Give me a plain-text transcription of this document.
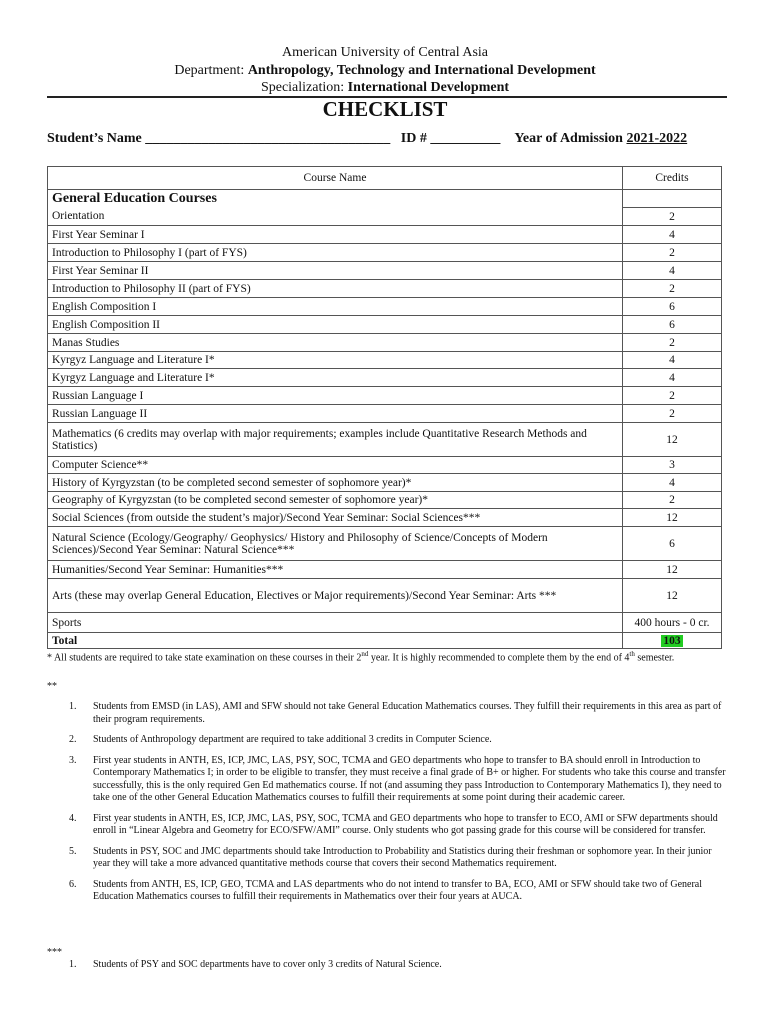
American University of Central Asia
Department: Anthropology, Technology and International Development
Specialization: International Development
CHECKLIST
Student’s Name ___________________________________ ID # __________ Year of Admission 2021-2022
Course Name	Credits
General Education Courses	
Orientation	2
First Year Seminar I	4
Introduction to Philosophy I (part of FYS)	2
First Year Seminar II	4
Introduction to Philosophy II (part of FYS)	2
English Composition I	6
English Composition II	6
Manas Studies	2
Kyrgyz Language and Literature I*	4
Kyrgyz Language and Literature I*	4
Russian Language I	2
Russian Language II	2
Mathematics (6 credits may overlap with major requirements; examples include Quantitative Research Methods and Statistics)	12
Computer Science**	3
History of Kyrgyzstan (to be completed second semester of sophomore year)*	4
Geography of Kyrgyzstan (to be completed second semester of sophomore year)*	2
Social Sciences (from outside the student’s major)/Second Year Seminar: Social Sciences***	12
Natural Science (Ecology/Geography/ Geophysics/ History and Philosophy of Science/Concepts of Modern Sciences)/Second Year Seminar: Natural Science***	6
Humanities/Second Year Seminar: Humanities***	12
Arts (these may overlap General Education, Electives or Major requirements)/Second Year Seminar: Arts ***	12
Sports	400 hours - 0 cr.
Total	103
* All students are required to take state examination on these courses in their 2nd year. It is highly recommended to complete them by the end of 4th semester.
**
1. Students from EMSD (in LAS), AMI and SFW should not take General Education Mathematics courses. They fulfill their requirements in this area as part of their program requirements.
2. Students of Anthropology department are required to take additional 3 credits in Computer Science.
3. First year students in ANTH, ES, ICP, JMC, LAS, PSY, SOC, TCMA and GEO departments who hope to transfer to BA should enroll in Introduction to Contemporary Mathematics I; in order to be eligible to transfer, they must receive a final grade of B+ or higher. For students who take this course and transfer successfully, this is the only required Gen Ed mathematics course. If not (and assuming they pass Introduction to Contemporary Mathematics I), they need to take one of the other General Education Mathematics courses to fulfill their requirements at some point during their academic career.
4. First year students in ANTH, ES, ICP, JMC, LAS, PSY, SOC, TCMA and GEO departments who hope to transfer to ECO, AMI or SFW departments should enroll in “Linear Algebra and Geometry for ECO/SFW/AMI” course. Only students who got passing grade for this course will be considered for transfer.
5. Students in PSY, SOC and JMC departments should take Introduction to Probability and Statistics during their freshman or sophomore year. In their junior year they will take a more advanced quantitative methods course that covers their second Mathematics requirement.
6. Students from ANTH, ES, ICP, GEO, TCMA and LAS departments who do not intend to transfer to BA, ECO, AMI or SFW should take two of General Education Mathematics courses to fulfill their requirements in Mathematics over their four years at AUCA.
***
1. Students of PSY and SOC departments have to cover only 3 credits of Natural Science.
